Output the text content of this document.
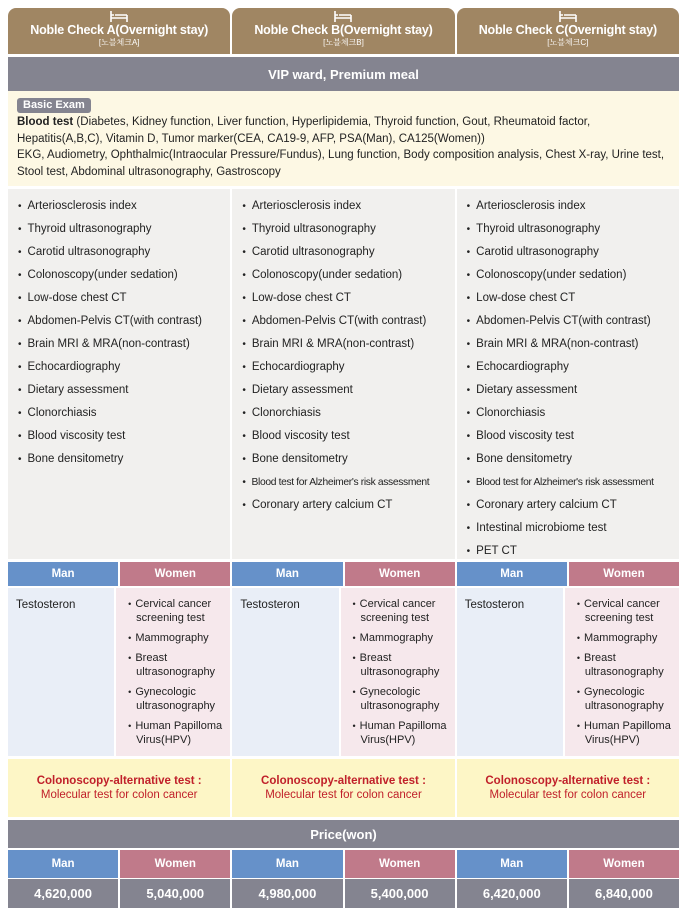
Noble Check A(Overnight stay)
[노블체크A]
Noble Check B(Overnight stay)
[노블체크B]
Noble Check C(Overnight stay)
[노블체크C]
VIP ward, Premium meal
Basic Exam
Blood test (Diabetes, Kidney function, Liver function, Hyperlipidemia, Thyroid function, Gout, Rheumatoid factor, Hepatitis(A,B,C), Vitamin D, Tumor marker(CEA, CA19-9, AFP, PSA(Man), CA125(Women))
EKG, Audiometry, Ophthalmic(Intraocular Pressure/Fundus), Lung function, Body composition analysis, Chest X-ray, Urine test, Stool test, Abdominal ultrasonography, Gastroscopy
• Arteriosclerosis index
• Thyroid ultrasonography
• Carotid ultrasonography
• Colonoscopy(under sedation)
• Low-dose chest CT
• Abdomen-Pelvis CT(with contrast)
• Brain MRI & MRA(non-contrast)
• Echocardiography
• Dietary assessment
• Clonorchiasis
• Blood viscosity test
• Bone densitometry
• Arteriosclerosis index
• Thyroid ultrasonography
• Carotid ultrasonography
• Colonoscopy(under sedation)
• Low-dose chest CT
• Abdomen-Pelvis CT(with contrast)
• Brain MRI & MRA(non-contrast)
• Echocardiography
• Dietary assessment
• Clonorchiasis
• Blood viscosity test
• Bone densitometry
• Blood test for Alzheimer's risk assessment
• Coronary artery calcium CT
• Arteriosclerosis index
• Thyroid ultrasonography
• Carotid ultrasonography
• Colonoscopy(under sedation)
• Low-dose chest CT
• Abdomen-Pelvis CT(with contrast)
• Brain MRI & MRA(non-contrast)
• Echocardiography
• Dietary assessment
• Clonorchiasis
• Blood viscosity test
• Bone densitometry
• Blood test for Alzheimer's risk assessment
• Coronary artery calcium CT
• Intestinal microbiome test
• PET CT
Man	Women	Man	Women	Man	Women
Testosteron	• Cervical cancer screening test
• Mammography
• Breast ultrasonography
• Gynecologic ultrasonography
• Human Papilloma Virus(HPV)
Testosteron	• Cervical cancer screening test
• Mammography
• Breast ultrasonography
• Gynecologic ultrasonography
• Human Papilloma Virus(HPV)
Testosteron	• Cervical cancer screening test
• Mammography
• Breast ultrasonography
• Gynecologic ultrasonography
• Human Papilloma Virus(HPV)
Colonoscopy-alternative test :
Molecular test for colon cancer
Colonoscopy-alternative test :
Molecular test for colon cancer
Colonoscopy-alternative test :
Molecular test for colon cancer
Price(won)
Man	Women	Man	Women	Man	Women
4,620,000	5,040,000	4,980,000	5,400,000	6,420,000	6,840,000
